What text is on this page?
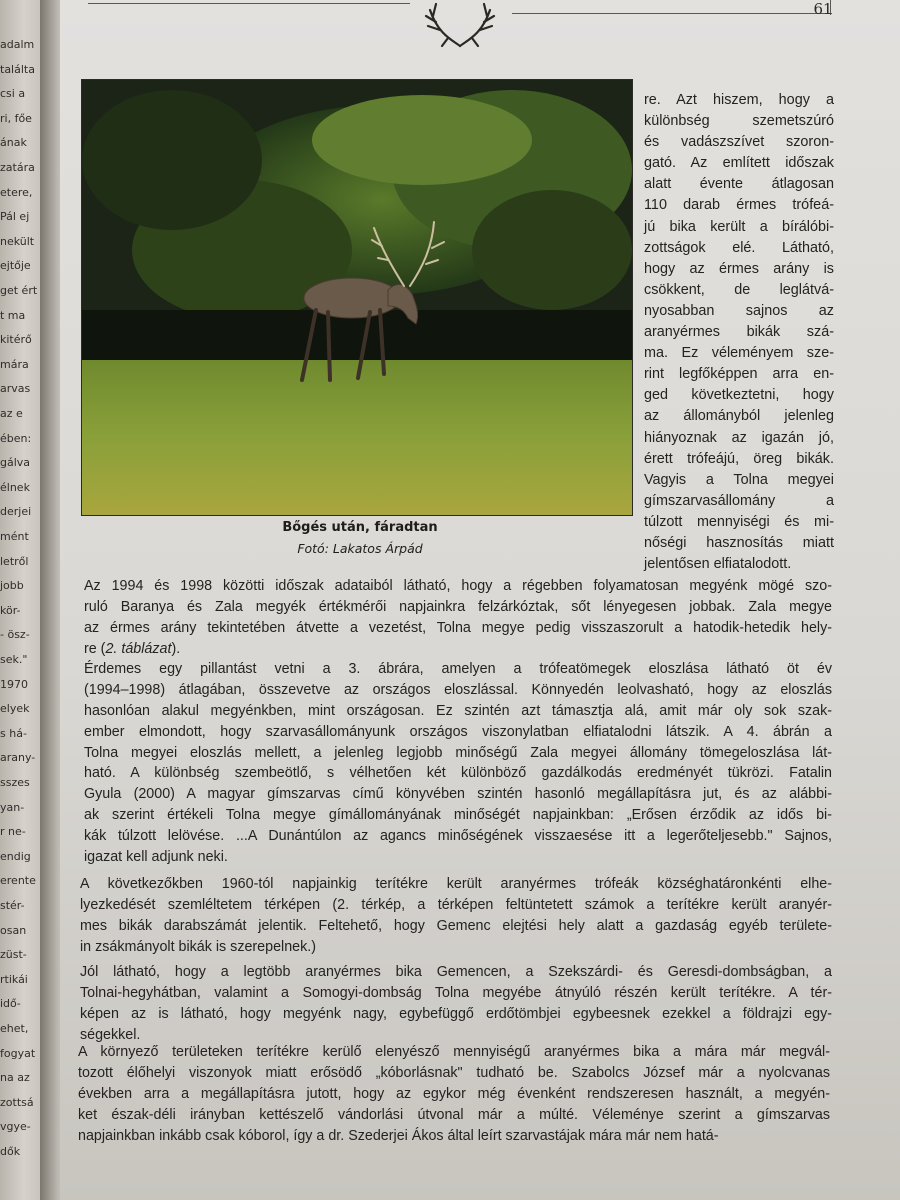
adalm
találta
csi a
ri, főe
ának
zatára
etere,
Pál ej
nekült
ejtője
get ért
t ma
kitérő
mára
arvas
az e
ében:
gálva
élnek
derjei
mént
letről
jobb
kör-
- ösz-
sek."
1970
elyek
s há-
arany-
sszes
yan-
r ne-
endig
erente
stér-
osan
züst-
rtikái
idő-
ehet,
fogyat
na az
zottsá
vgye-
dők
61
Bőgés után, fáradtan
Fotó: Lakatos Árpád
re. Azt hiszem, hogy a
különbség szemetszúró
és vadászszívet szoron-
gató. Az említett időszak
alatt évente átlagosan
110 darab érmes trófeá-
jú bika került a bírálóbi-
zottságok elé. Látható,
hogy az érmes arány is
csökkent, de leglátvá-
nyosabban sajnos az
aranyérmes bikák szá-
ma. Ez véleményem sze-
rint legfőképpen arra en-
ged következtetni, hogy
az állományból jelenleg
hiányoznak az igazán jó,
érett trófeájú, öreg bikák.
Vagyis a Tolna megyei
gímszarvasállomány a
túlzott mennyiségi és mi-
nőségi hasznosítás miatt
jelentősen elfiatalodott.
Az 1994 és 1998 közötti időszak adataiból látható, hogy a régebben folyamatosan megyénk mögé szo-
ruló Baranya és Zala megyék értékmérői napjainkra felzárkóztak, sőt lényegesen jobbak. Zala megye
az érmes arány tekintetében átvette a vezetést, Tolna megye pedig visszaszorult a hatodik-hetedik hely-
re (2. táblázat).
Érdemes egy pillantást vetni a 3. ábrára, amelyen a trófeatömegek eloszlása látható öt év
(1994–1998) átlagában, összevetve az országos eloszlással. Könnyedén leolvasható, hogy az eloszlás
hasonlóan alakul megyénkben, mint országosan. Ez szintén azt támasztja alá, amit már oly sok szak-
ember elmondott, hogy szarvasállományunk országos viszonylatban elfiatalodni látszik. A 4. ábrán a
Tolna megyei eloszlás mellett, a jelenleg legjobb minőségű Zala megyei állomány tömegeloszlása lát-
ható. A különbség szembeötlő, s vélhetően két különböző gazdálkodás eredményét tükrözi. Fatalin
Gyula (2000) A magyar gímszarvas című könyvében szintén hasonló megállapításra jut, és az alábbi-
ak szerint értékeli Tolna megye gímállományának minőségét napjainkban: „Erősen érződik az idős bi-
kák túlzott lelövése. ...A Dunántúlon az agancs minőségének visszaesése itt a legerőteljesebb." Sajnos,
igazat kell adjunk neki.
A következőkben 1960-tól napjainkig terítékre került aranyérmes trófeák községhatáronkénti elhe-
lyezkedését szemléltetem térképen (2. térkép, a térképen feltüntetett számok a terítékre került aranyér-
mes bikák darabszámát jelentik. Feltehető, hogy Gemenc elejtési hely alatt a gazdaság egyéb területe-
in zsákmányolt bikák is szerepelnek.)
Jól látható, hogy a legtöbb aranyérmes bika Gemencen, a Szekszárdi- és Geresdi-dombságban, a
Tolnai-hegyhátban, valamint a Somogyi-dombság Tolna megyébe átnyúló részén került terítékre. A tér-
képen az is látható, hogy megyénk nagy, egybefüggő erdőtömbjei egybeesnek ezekkel a földrajzi egy-
ségekkel.
A környező területeken terítékre kerülő elenyésző mennyiségű aranyérmes bika a mára már megvál-
tozott élőhelyi viszonyok miatt erősödő „kóborlásnak" tudható be. Szabolcs József már a nyolcvanas
években arra a megállapításra jutott, hogy az egykor még évenként rendszeresen használt, a megyén-
ket észak-déli irányban kettészelő vándorlási útvonal már a múlté. Véleménye szerint a gímszarvas
napjainkban inkább csak kóborol, így a dr. Szederjei Ákos által leírt szarvastájak mára már nem hatá-
